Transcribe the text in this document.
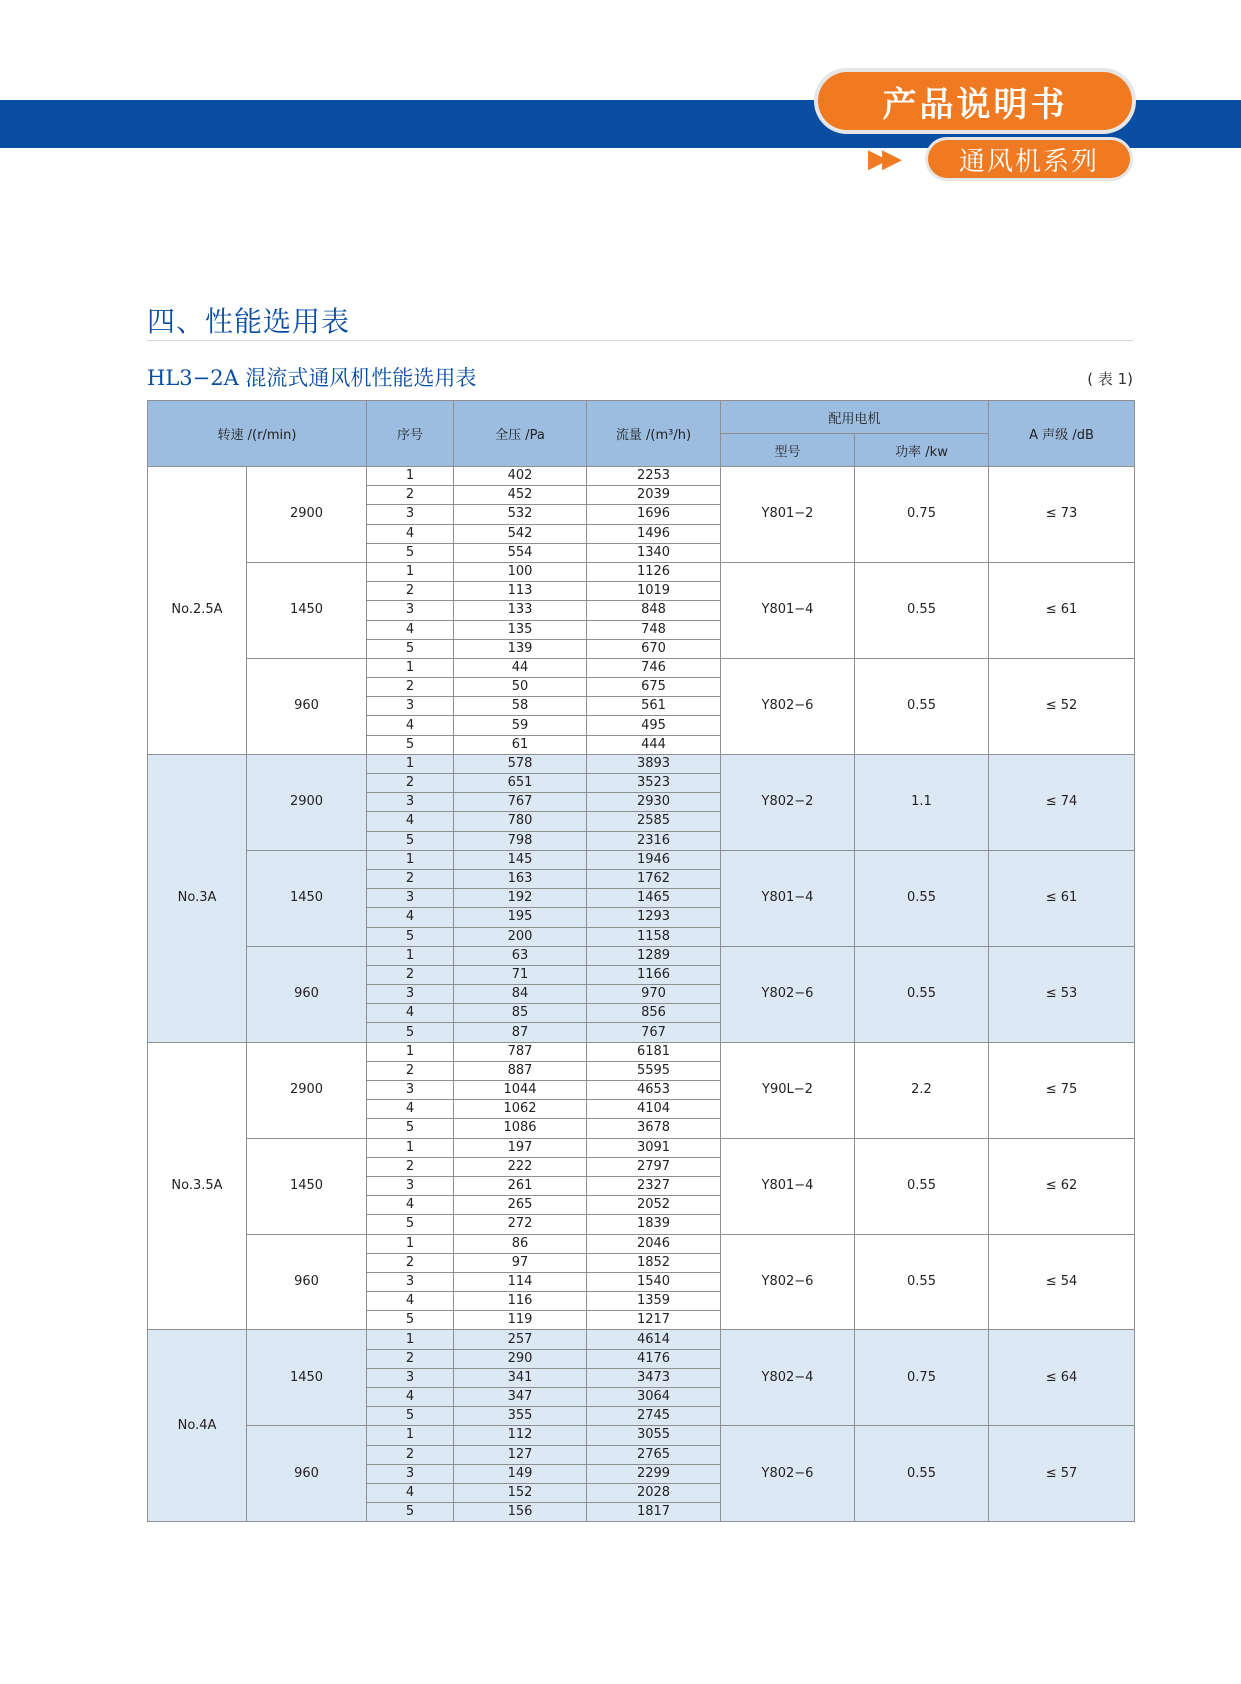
产品说明书
▶▶	通风机系列
四、性能选用表
HL3−2A 混流式通风机性能选用表	( 表 1)
转速 /(r/min)		序号	全压 /Pa	流量 /(m³/h)	配用电机		A 声级 /dB
					型号	功率 /kw	
No.2.5A	2900	1	402	2253	Y801−2	0.75	≤ 73
		2	452	2039			
		3	532	1696			
		4	542	1496			
		5	554	1340			
	1450	1	100	1126	Y801−4	0.55	≤ 61
		2	113	1019			
		3	133	848			
		4	135	748			
		5	139	670			
	960	1	44	746	Y802−6	0.55	≤ 52
		2	50	675			
		3	58	561			
		4	59	495			
		5	61	444			
No.3A	2900	1	578	3893	Y802−2	1.1	≤ 74
		2	651	3523			
		3	767	2930			
		4	780	2585			
		5	798	2316			
	1450	1	145	1946	Y801−4	0.55	≤ 61
		2	163	1762			
		3	192	1465			
		4	195	1293			
		5	200	1158			
	960	1	63	1289	Y802−6	0.55	≤ 53
		2	71	1166			
		3	84	970			
		4	85	856			
		5	87	767			
No.3.5A	2900	1	787	6181	Y90L−2	2.2	≤ 75
		2	887	5595			
		3	1044	4653			
		4	1062	4104			
		5	1086	3678			
	1450	1	197	3091	Y801−4	0.55	≤ 62
		2	222	2797			
		3	261	2327			
		4	265	2052			
		5	272	1839			
	960	1	86	2046	Y802−6	0.55	≤ 54
		2	97	1852			
		3	114	1540			
		4	116	1359			
		5	119	1217			
No.4A	1450	1	257	4614	Y802−4	0.75	≤ 64
		2	290	4176			
		3	341	3473			
		4	347	3064			
		5	355	2745			
	960	1	112	3055	Y802−6	0.55	≤ 57
		2	127	2765			
		3	149	2299			
		4	152	2028			
		5	156	1817			
